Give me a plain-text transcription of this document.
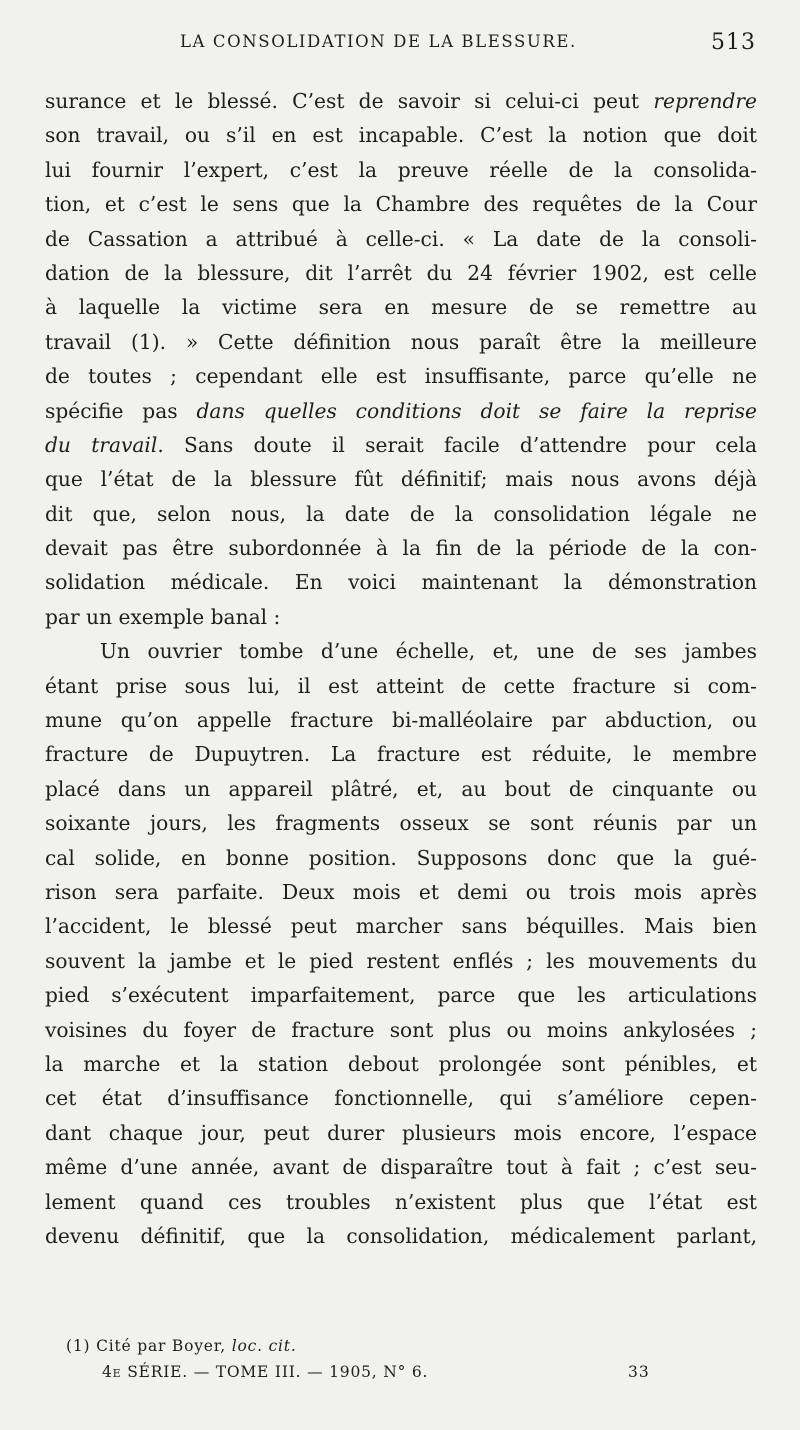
LA CONSOLIDATION DE LA BLESSURE.	513
surance et le blessé. C’est de savoir si celui-ci peut reprendre
son travail, ou s’il en est incapable. C’est la notion que doit
lui fournir l’expert, c’est la preuve réelle de la consolida-
tion, et c’est le sens que la Chambre des requêtes de la Cour
de Cassation a attribué à celle-ci. « La date de la consoli-
dation de la blessure, dit l’arrêt du 24 février 1902, est celle
à laquelle la victime sera en mesure de se remettre au
travail (1). » Cette définition nous paraît être la meilleure
de toutes ; cependant elle est insuffisante, parce qu’elle ne
spécifie pas dans quelles conditions doit se faire la reprise
du travail. Sans doute il serait facile d’attendre pour cela
que l’état de la blessure fût définitif; mais nous avons déjà
dit que, selon nous, la date de la consolidation légale ne
devait pas être subordonnée à la fin de la période de la con-
solidation médicale. En voici maintenant la démonstration
par un exemple banal :
Un ouvrier tombe d’une échelle, et, une de ses jambes
étant prise sous lui, il est atteint de cette fracture si com-
mune qu’on appelle fracture bi-malléolaire par abduction, ou
fracture de Dupuytren. La fracture est réduite, le membre
placé dans un appareil plâtré, et, au bout de cinquante ou
soixante jours, les fragments osseux se sont réunis par un
cal solide, en bonne position. Supposons donc que la gué-
rison sera parfaite. Deux mois et demi ou trois mois après
l’accident, le blessé peut marcher sans béquilles. Mais bien
souvent la jambe et le pied restent enflés ; les mouvements du
pied s’exécutent imparfaitement, parce que les articulations
voisines du foyer de fracture sont plus ou moins ankylosées ;
la marche et la station debout prolongée sont pénibles, et
cet état d’insuffisance fonctionnelle, qui s’améliore cepen-
dant chaque jour, peut durer plusieurs mois encore, l’espace
même d’une année, avant de disparaître tout à fait ; c’est seu-
lement quand ces troubles n’existent plus que l’état est
devenu définitif, que la consolidation, médicalement parlant,
(1) Cité par Boyer, loc. cit.
4e SÉRIE. — TOME III. — 1905, N° 6.	33
